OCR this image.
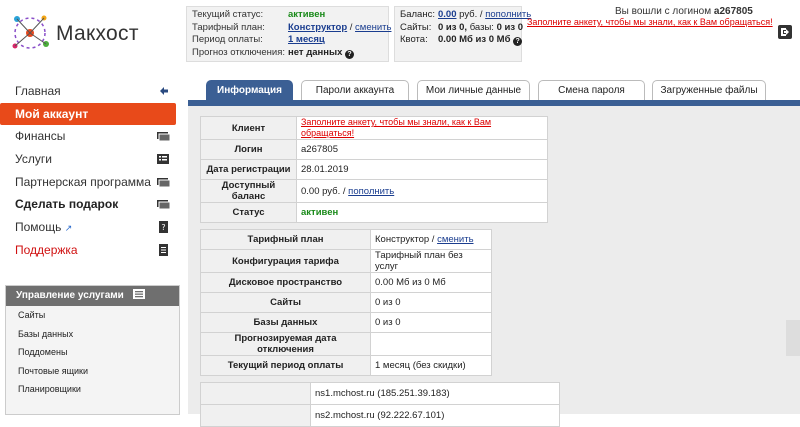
Макхост
Текущий статус:	активен
Тарифный план: Конструктор / сменить
Период оплаты:	1 месяц
Прогноз отключения: нет данных ?
Баланс: 0.00 руб. / пополнить
Сайты: 0 из 0, базы: 0 из 0
Квота: 0.00 Мб из 0 Мб ?
Заполните анкету, чтобы мы знали, как к Вам обращаться!
Вы вошли с логином a267805
Главная
Мой аккаунт
Финансы
Услуги
Партнерская программа
Сделать подарок
Помощь ↗	?
Поддержка
Управление услугами
Сайты
Базы данных
Поддомены
Почтовые ящики
Планировщики
Информация	Пароли аккаунта	Мои личные данные	Смена пароля	Загруженные файлы
Клиент	Заполните анкету, чтобы мы знали, как к Вам обращаться!
Логин	a267805
Дата регистрации	28.01.2019
Доступный баланс	0.00 руб. / пополнить
Статус	активен
Тарифный план	Конструктор / сменить
Конфигурация тарифа	Тарифный план без услуг
Дисковое пространство	0.00 Мб из 0 Мб
Сайты	0 из 0
Базы данных	0 из 0
Прогнозируемая дата отключения	
Текущий период оплаты	1 месяц (без скидки)
	ns1.mchost.ru (185.251.39.183)
	ns2.mchost.ru (92.222.67.101)
